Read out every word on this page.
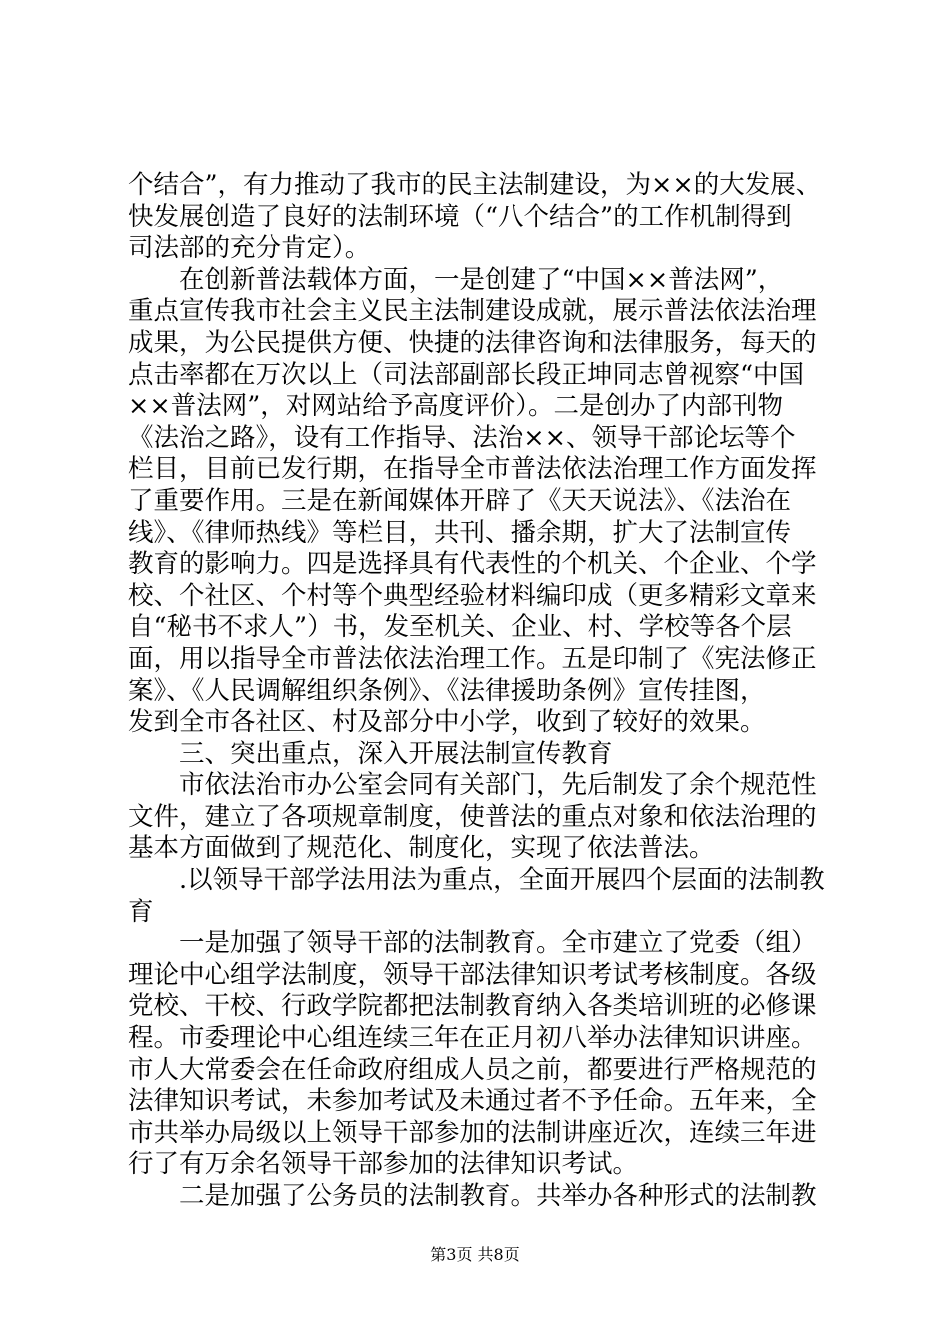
个结合”，有力推动了我市的民主法制建设，为××的大发展、
快发展创造了良好的法制环境（“八个结合”的工作机制得到
司法部的充分肯定）。
　　在创新普法载体方面，一是创建了“中国××普法网”，
重点宣传我市社会主义民主法制建设成就，展示普法依法治理
成果，为公民提供方便、快捷的法律咨询和法律服务，每天的
点击率都在万次以上（司法部副部长段正坤同志曾视察“中国
××普法网”，对网站给予高度评价）。二是创办了内部刊物
《法治之路》，设有工作指导、法治××、领导干部论坛等个
栏目，目前已发行期，在指导全市普法依法治理工作方面发挥
了重要作用。三是在新闻媒体开辟了《天天说法》、《法治在
线》、《律师热线》等栏目，共刊、播余期，扩大了法制宣传
教育的影响力。四是选择具有代表性的个机关、个企业、个学
校、个社区、个村等个典型经验材料编印成（更多精彩文章来
自“秘书不求人”）书，发至机关、企业、村、学校等各个层
面，用以指导全市普法依法治理工作。五是印制了《宪法修正
案》、《人民调解组织条例》、《法律援助条例》宣传挂图，
发到全市各社区、村及部分中小学，收到了较好的效果。
　　三、突出重点，深入开展法制宣传教育
　　市依法治市办公室会同有关部门，先后制发了余个规范性
文件，建立了各项规章制度，使普法的重点对象和依法治理的
基本方面做到了规范化、制度化，实现了依法普法。
　　.以领导干部学法用法为重点，全面开展四个层面的法制教
育
　　一是加强了领导干部的法制教育。全市建立了党委（组）
理论中心组学法制度，领导干部法律知识考试考核制度。各级
党校、干校、行政学院都把法制教育纳入各类培训班的必修课
程。市委理论中心组连续三年在正月初八举办法律知识讲座。
市人大常委会在任命政府组成人员之前，都要进行严格规范的
法律知识考试，未参加考试及未通过者不予任命。五年来，全
市共举办局级以上领导干部参加的法制讲座近次，连续三年进
行了有万余名领导干部参加的法律知识考试。
　　二是加强了公务员的法制教育。共举办各种形式的法制教
第3页 共8页
